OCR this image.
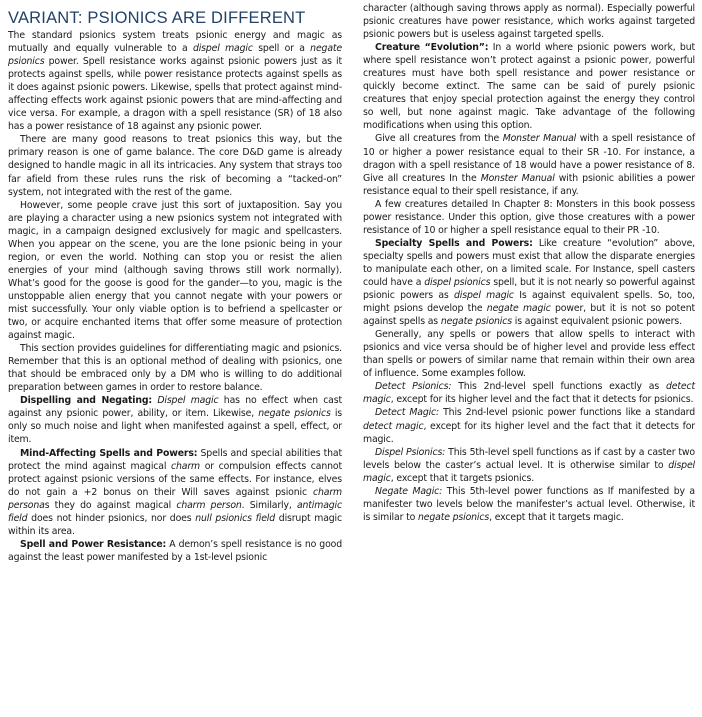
VARIANT: PSIONICS ARE DIFFERENT

The standard psionics system treats psionic energy and magic as mutually and equally vulnerable to a dispel magic spell or a negate psionics power. Spell resistance works against psionic powers just as it protects against spells, while power resistance protects against spells as it does against psionic powers. Likewise, spells that protect against mind-affecting effects work against psionic powers that are mind-affecting and vice versa. For example, a dragon with a spell resistance (SR) of 18 also has a power resistance of 18 against any psionic power.

There are many good reasons to treat psionics this way, but the primary reason is one of game balance. The core D&D game is already designed to handle magic in all its intricacies. Any system that strays too far afield from these rules runs the risk of becoming a “tacked-on” system, not integrated with the rest of the game.

However, some people crave just this sort of juxtaposition. Say you are playing a character using a new psionics system not integrated with magic, in a campaign designed exclusively for magic and spellcasters. When you appear on the scene, you are the lone psionic being in your region, or even the world. Nothing can stop you or resist the alien energies of your mind (although saving throws still work normally). What’s good for the goose is good for the gander—to you, magic is the unstoppable alien energy that you cannot negate with your powers or mist successfully. Your only viable option is to befriend a spellcaster or two, or acquire enchanted items that offer some measure of protection against magic.

This section provides guidelines for differentiating magic and psionics. Remember that this is an optional method of dealing with psionics, one that should be embraced only by a DM who is willing to do additional preparation between games in order to restore balance.

Dispelling and Negating: Dispel magic has no effect when cast against any psionic power, ability, or item. Likewise, negate psionics is only so much noise and light when manifested against a spell, effect, or item.

Mind-Affecting Spells and Powers: Spells and special abilities that protect the mind against magical charm or compulsion effects cannot protect against psionic versions of the same effects. For instance, elves do not gain a +2 bonus on their Will saves against psionic charm personas they do against magical charm person. Similarly, antimagic field does not hinder psionics, nor does null psionics field disrupt magic within its area.

Spell and Power Resistance: A demon’s spell resistance is no good against the least power manifested by a 1st-level psionic

character (although saving throws apply as normal). Especially powerful psionic creatures have power resistance, which works against targeted psionic powers but is useless against targeted spells.

Creature “Evolution”: In a world where psionic powers work, but where spell resistance won’t protect against a psionic power, powerful creatures must have both spell resistance and power resistance or quickly become extinct. The same can be said of purely psionic creatures that enjoy special protection against the energy they control so well, but none against magic. Take advantage of the following modifications when using this option.

Give all creatures from the Monster Manual with a spell resistance of 10 or higher a power resistance equal to their SR -10. For instance, a dragon with a spell resistance of 18 would have a power resistance of 8. Give all creatures In the Monster Manual with psionic abilities a power resistance equal to their spell resistance, if any.

A few creatures detailed In Chapter 8: Monsters in this book possess power resistance. Under this option, give those creatures with a power resistance of 10 or higher a spell resistance equal to their PR -10.

Specialty Spells and Powers: Like creature “evolution” above, specialty spells and powers must exist that allow the disparate energies to manipulate each other, on a limited scale. For Instance, spell casters could have a dispel psionics spell, but it is not nearly so powerful against psionic powers as dispel magic Is against equivalent spells. So, too, might psions develop the negate magic power, but it is not so potent against spells as negate psionics is against equivalent psionic powers.

Generally, any spells or powers that allow spells to interact with psionics and vice versa should be of higher level and provide less effect than spells or powers of similar name that remain within their own area of influence. Some examples follow.

Detect Psionics: This 2nd-level spell functions exactly as detect magic, except for its higher level and the fact that it detects for psionics.

Detect Magic: This 2nd-level psionic power functions like a standard detect magic, except for its higher level and the fact that it detects for magic.

Dispel Psionics: This 5th-level spell functions as if cast by a caster two levels below the caster’s actual level. It is otherwise similar to dispel magic, except that it targets psionics.

Negate Magic: This 5th-level power functions as If manifested by a manifester two levels below the manifester’s actual level. Otherwise, it is similar to negate psionics, except that it targets magic.
